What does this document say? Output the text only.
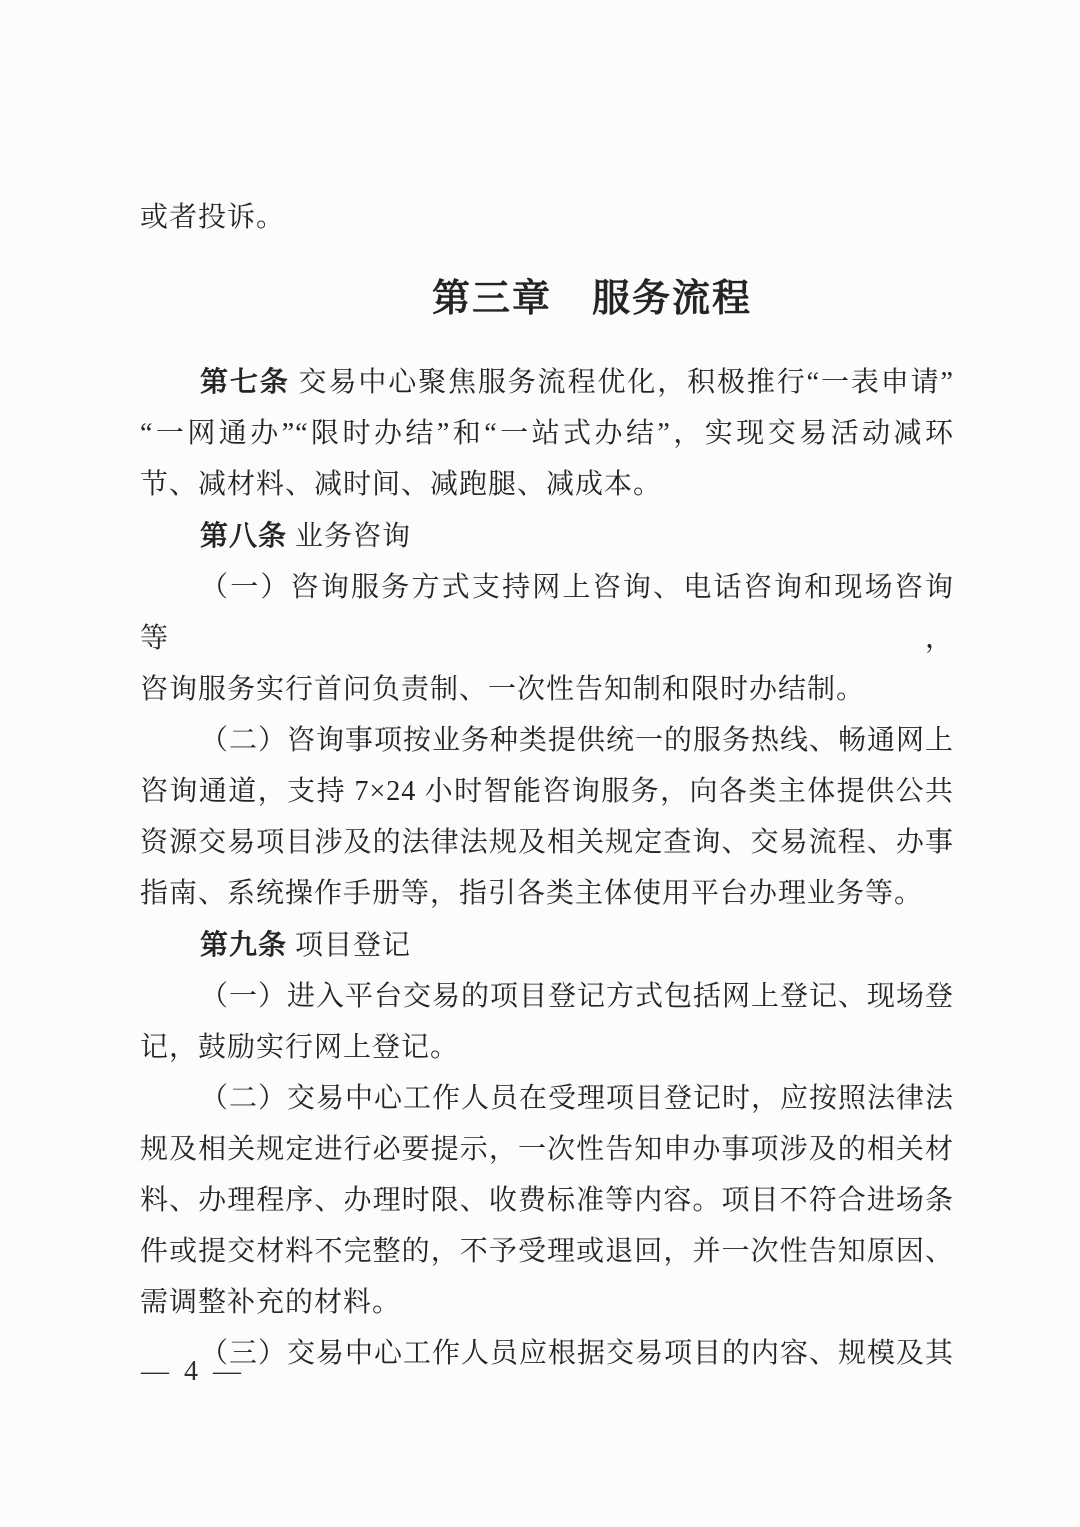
或者投诉。
第三章　服务流程
第七条 交易中心聚焦服务流程优化，积极推行“一表申请”
“一网通办”“限时办结”和“一站式办结”，实现交易活动减环
节、减材料、减时间、减跑腿、减成本。
第八条 业务咨询
（一）咨询服务方式支持网上咨询、电话咨询和现场咨询等，
咨询服务实行首问负责制、一次性告知制和限时办结制。
（二）咨询事项按业务种类提供统一的服务热线、畅通网上
咨询通道，支持 7×24 小时智能咨询服务，向各类主体提供公共
资源交易项目涉及的法律法规及相关规定查询、交易流程、办事
指南、系统操作手册等，指引各类主体使用平台办理业务等。
第九条 项目登记
（一）进入平台交易的项目登记方式包括网上登记、现场登
记，鼓励实行网上登记。
（二）交易中心工作人员在受理项目登记时，应按照法律法
规及相关规定进行必要提示，一次性告知申办事项涉及的相关材
料、办理程序、办理时限、收费标准等内容。项目不符合进场条
件或提交材料不完整的，不予受理或退回，并一次性告知原因、
需调整补充的材料。
（三）交易中心工作人员应根据交易项目的内容、规模及其
— 4 —
